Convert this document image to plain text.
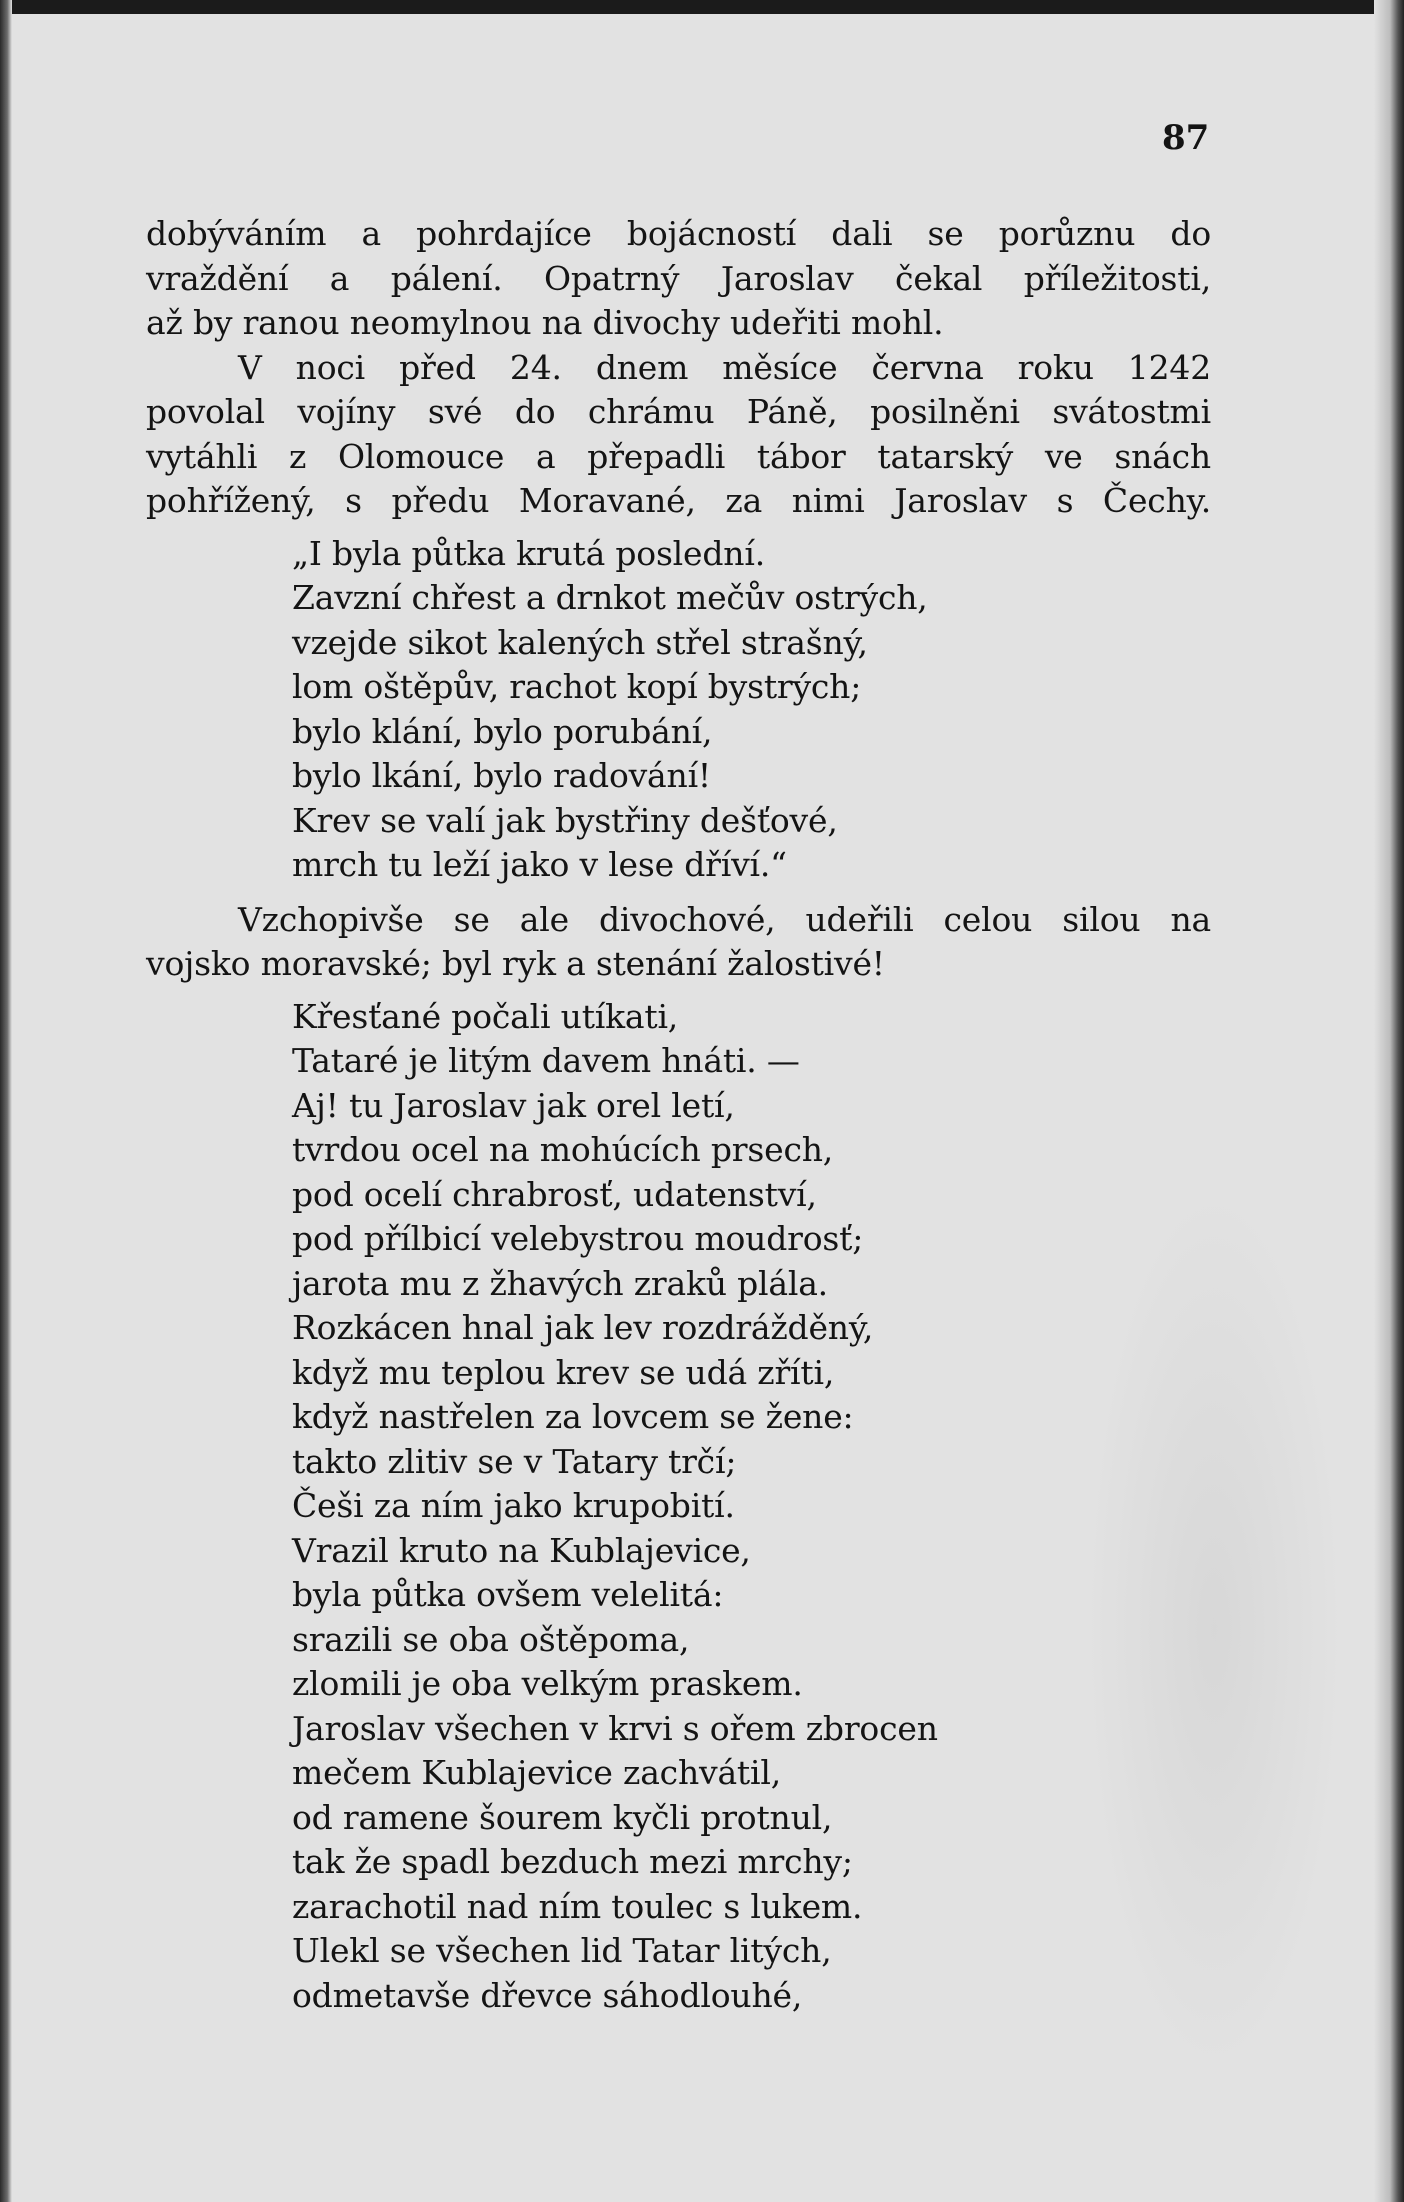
87
dobýváním a pohrdajíce bojácností dali se porůznu do
vraždění a pálení. Opatrný Jaroslav čekal příležitosti,
až by ranou neomylnou na divochy udeřiti mohl.
V noci před 24. dnem měsíce června roku 1242
povolal vojíny své do chrámu Páně, posilněni svátostmi
vytáhli z Olomouce a přepadli tábor tatarský ve snách
pohřížený, s předu Moravané, za nimi Jaroslav s Čechy.
„I byla půtka krutá poslední.
Zavzní chřest a drnkot mečův ostrých,
vzejde sikot kalených střel strašný,
lom oštěpův, rachot kopí bystrých;
bylo klání, bylo porubání,
bylo lkání, bylo radování!
Krev se valí jak bystřiny dešťové,
mrch tu leží jako v lese dříví.“
Vzchopivše se ale divochové, udeřili celou silou na
vojsko moravské; byl ryk a stenání žalostivé!
Křesťané počali utíkati,
Tataré je litým davem hnáti. —
Aj! tu Jaroslav jak orel letí,
tvrdou ocel na mohúcích prsech,
pod ocelí chrabrosť, udatenství,
pod přílbicí velebystrou moudrosť;
jarota mu z žhavých zraků plála.
Rozkácen hnal jak lev rozdrážděný,
když mu teplou krev se udá zříti,
když nastřelen za lovcem se žene:
takto zlitiv se v Tatary trčí;
Češi za ním jako krupobití.
Vrazil kruto na Kublajevice,
byla půtka ovšem velelitá:
srazili se oba oštěpoma,
zlomili je oba velkým praskem.
Jaroslav všechen v krvi s ořem zbrocen
mečem Kublajevice zachvátil,
od ramene šourem kyčli protnul,
tak že spadl bezduch mezi mrchy;
zarachotil nad ním toulec s lukem.
Ulekl se všechen lid Tatar litých,
odmetavše dřevce sáhodlouhé,
